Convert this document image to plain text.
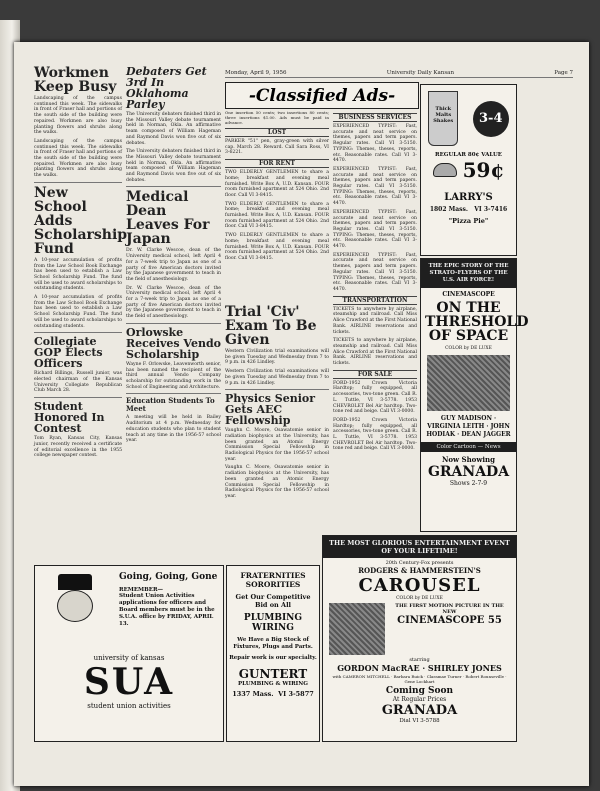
Monday, April 9, 1956	University Daily Kansan	Page 7
Workmen Keep Busy
Landscaping of the campus continued this week. The sidewalks in front of Fraser hall and portions of the south side of the building were repaired. Workmen are also busy planting flowers and shrubs along the walks.
Landscaping of the campus continued this week. The sidewalks in front of Fraser hall and portions of the south side of the building were repaired. Workmen are also busy planting flowers and shrubs along the walks.
New School Adds Scholarship Fund
A 10-year accumulation of profits from the Law School Book Exchange has been used to establish a Law School Scholarship Fund. The fund will be used to award scholarships to outstanding students.
A 10-year accumulation of profits from the Law School Book Exchange has been used to establish a Law School Scholarship Fund. The fund will be used to award scholarships to outstanding students.
Collegiate GOP Elects Officers
Richard Billings, Russell junior, was elected chairman of the Kansas University Collegiate Republican Club March 28.
Student Honored In Contest
Tom Ryan, Kansas City, Kansas junior, recently received a certificate of editorial excellence in the 1955 college newspaper contest.
Debaters Get 3rd In Oklahoma Parley
The University debaters finished third in the Missouri Valley debate tournament held in Norman, Okla. An affirmative team composed of William Hageman and Raymond Davis won five out of six debates.
The University debaters finished third in the Missouri Valley debate tournament held in Norman, Okla. An affirmative team composed of William Hageman and Raymond Davis won five out of six debates.
Medical Dean Leaves For Japan
Dr. W. Clarke Wescoe, dean of the University medical school, left April 4 for a 7-week trip to Japan as one of a party of five American doctors invited by the Japanese government to teach in the field of anesthesiology.
Dr. W. Clarke Wescoe, dean of the University medical school, left April 4 for a 7-week trip to Japan as one of a party of five American doctors invited by the Japanese government to teach in the field of anesthesiology.
Orlowske Receives Vendo Scholarship
Wayne F. Orlowske, Leavenworth senior, has been named the recipient of the third annual Vendo Company scholarship for outstanding work in the School of Engineering and Architecture.
Education Students To Meet
A meeting will be held in Bailey Auditorium at 4 p.m. Wednesday for education students who plan to student teach at any time in the 1956-57 school year.
-Classified Ads-
One insertion 50 cents; two insertions 80 cents; three insertions $1.00. Ads must be paid in advance.
LOST
PARKER "51" pen, gray-green with silver cap. March 28. Reward. Call Sara Ross, VI 3-6221.
FOR RENT
TWO ELDERLY GENTLEMEN to share a home; breakfast and evening meal furnished. Write Box A, U.D. Kansan. FOUR room furnished apartment at 524 Ohio. 2nd floor. Call VI 3-8415.
TWO ELDERLY GENTLEMEN to share a home; breakfast and evening meal furnished. Write Box A, U.D. Kansan. FOUR room furnished apartment at 524 Ohio. 2nd floor. Call VI 3-8415.
TWO ELDERLY GENTLEMEN to share a home; breakfast and evening meal furnished. Write Box A, U.D. Kansan. FOUR room furnished apartment at 524 Ohio. 2nd floor. Call VI 3-8415.
BUSINESS SERVICES
EXPERIENCED TYPIST: Fast, accurate and neat service on themes, papers and term papers. Regular rates. Call VI 3-5150. TYPING: Themes, theses, reports, etc. Reasonable rates. Call VI 3-4470.
EXPERIENCED TYPIST: Fast, accurate and neat service on themes, papers and term papers. Regular rates. Call VI 3-5150. TYPING: Themes, theses, reports, etc. Reasonable rates. Call VI 3-4470.
EXPERIENCED TYPIST: Fast, accurate and neat service on themes, papers and term papers. Regular rates. Call VI 3-5150. TYPING: Themes, theses, reports, etc. Reasonable rates. Call VI 3-4470.
EXPERIENCED TYPIST: Fast, accurate and neat service on themes, papers and term papers. Regular rates. Call VI 3-5150. TYPING: Themes, theses, reports, etc. Reasonable rates. Call VI 3-4470.
TRANSPORTATION
TICKETS to anywhere by airplane, steamship and railroad. Call Miss Alice Crawford at the First National Bank. AIRLINE reservations and tickets.
TICKETS to anywhere by airplane, steamship and railroad. Call Miss Alice Crawford at the First National Bank. AIRLINE reservations and tickets.
FOR SALE
FORD-1952 Crown Victoria Hardtop; fully equipped, all accessories, two-tone green. Call R. L. Tuttle, VI 3-5778. 1953 CHEVROLET Bel Air hardtop. Two-tone red and beige. Call VI 3-0000.
FORD-1952 Crown Victoria Hardtop; fully equipped, all accessories, two-tone green. Call R. L. Tuttle, VI 3-5778. 1953 CHEVROLET Bel Air hardtop. Two-tone red and beige. Call VI 3-0000.
Trial 'Civ' Exam To Be Given
Western Civilization trial examinations will be given Tuesday and Wednesday from 7 to 9 p.m. in 426 Lindley.
Western Civilization trial examinations will be given Tuesday and Wednesday from 7 to 9 p.m. in 426 Lindley.
Physics Senior Gets AEC Fellowship
Vaughn C. Moore, Osawatomie senior in radiation biophysics at the University, has been granted an Atomic Energy Commission Special Fellowship in Radiological Physics for the 1956-57 school year.
Vaughn C. Moore, Osawatomie senior in radiation biophysics at the University, has been granted an Atomic Energy Commission Special Fellowship in Radiological Physics for the 1956-57 school year.
Thick Malts Shakes	3-4
REGULAR 80¢ VALUE
59¢
LARRY'S
1802 Mass. VI 3-7416
"Pizza Pie"
THE EPIC STORY OF THE STRATO-FLYERS OF THE U.S. AIR FORCE!
CINEMASCOPE
ON THE THRESHOLD OF SPACE
COLOR by DE LUXE
GUY MADISON · VIRGINIA LEITH · JOHN HODIAK · DEAN JAGGER
Color Cartoon — News
Now Showing
GRANADA
Shows 2-7-9
Going, Going, Gone
REMEMBER—
Student Union Activities applications for officers and Board members must be in the S.U.A. office by FRIDAY, APRIL 13.
university of kansas
SUA
student union activities
FRATERNITIES
SORORITIES
Get Our Competitive Bid on All
PLUMBING
WIRING
We Have a Big Stock of Fixtures, Plugs and Parts.
Repair work is our specialty.
GUNTERT
PLUMBING & WIRING
1337 Mass. VI 3-5877
THE MOST GLORIOUS ENTERTAINMENT EVENT OF YOUR LIFETIME!
20th Century-Fox presents
RODGERS & HAMMERSTEIN'S
CAROUSEL
COLOR by DE LUXE
THE FIRST MOTION PICTURE IN THE NEW
CINEMASCOPE 55
starring
GORDON MacRAE · SHIRLEY JONES
with CAMERON MITCHELL · Barbara Ruick · Claramae Turner · Robert Rounseville · Gene Lockhart
Coming Soon
At Regular Prices
GRANADA
Dial VI 3-5788
